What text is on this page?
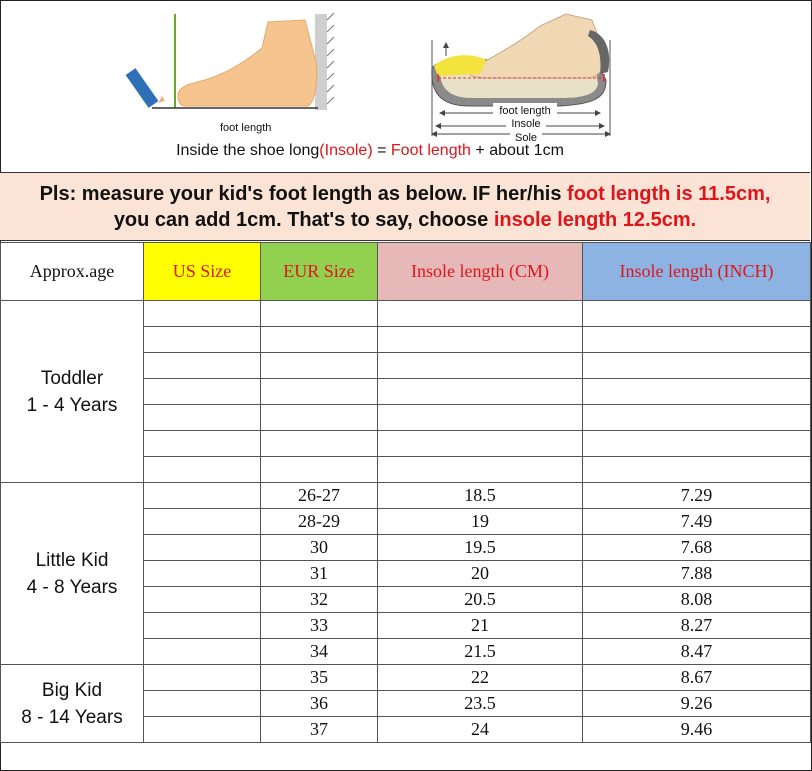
foot length
foot length
Insole
Sole
Inside the shoe long(Insole) = Foot length + about 1cm
Pls: measure your kid's foot length as below. IF her/his foot length is 11.5cm,
you can add 1cm. That's to say, choose insole length 12.5cm.
Approx.age	US Size	EUR Size	Insole length (CM)	Insole length (INCH)

Toddler
1 - 4 Years				

Little Kid
4 - 8 Years		26-27	18.5	7.29
		28-29	19	7.49
		30	19.5	7.68
		31	20	7.88
		32	20.5	8.08
		33	21	8.27
		34	21.5	8.47

Big Kid
8 - 14 Years		35	22	8.67
		36	23.5	9.26
		37	24	9.46
